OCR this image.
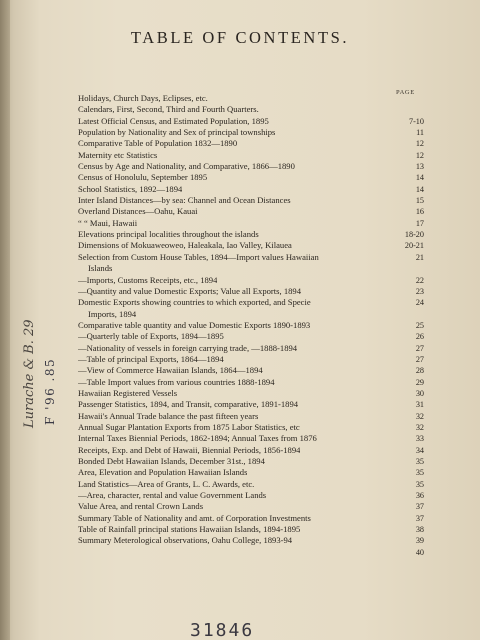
TABLE OF CONTENTS.
PAGE
Holidays, Church Days, Eclipses, etc.
Calendars, First, Second, Third and Fourth Quarters.
Latest Official Census, and Estimated Population, 1895	7-10
Population by Nationality and Sex of principal townships	11
Comparative Table of Population 1832—1890	12
Maternity etc Statistics	12
Census by Age and Nationality, and Comparative, 1866—1890	13
Census of Honolulu, September 1895	14
School Statistics, 1892—1894	14
Inter Island Distances—by sea: Channel and Ocean Distances	15
Overland Distances—Oahu, Kauai	16
“ “ Maui, Hawaii	17
Elevations principal localities throughout the islands	18-20
Dimensions of Mokuaweoweo, Haleakala, Iao Valley, Kilauea	20-21
Selection from Custom House Tables, 1894—Import values Hawaiian	21
Islands
—Imports, Customs Receipts, etc., 1894	22
—Quantity and value Domestic Exports; Value all Exports, 1894	23
Domestic Exports showing countries to which exported, and Specie	24
Imports, 1894
Comparative table quantity and value Domestic Exports 1890-1893	25
—Quarterly table of Exports, 1894—1895	26
—Nationality of vessels in foreign carrying trade, —1888-1894	27
—Table of principal Exports, 1864—1894	27
—View of Commerce Hawaiian Islands, 1864—1894	28
—Table Import values from various countries 1888-1894	29
Hawaiian Registered Vessels	30
Passenger Statistics, 1894, and Transit, comparative, 1891-1894	31
Hawaii's Annual Trade balance the past fifteen years	32
Annual Sugar Plantation Exports from 1875 Labor Statistics, etc	32
Internal Taxes Biennial Periods, 1862-1894; Annual Taxes from 1876	33
Receipts, Exp. and Debt of Hawaii, Biennial Periods, 1856-1894	34
Bonded Debt Hawaiian Islands, December 31st., 1894	35
Area, Elevation and Population Hawaiian Islands	35
Land Statistics—Area of Grants, L. C. Awards, etc.	35
—Area, character, rental and value Government Lands	36
Value Area, and rental Crown Lands	37
Summary Table of Nationality and amt. of Corporation Investments	37
Table of Rainfall principal stations Hawaiian Islands, 1894-1895	38
Summary Meterological observations, Oahu College, 1893-94	39
40
Lurache & B. 29 F '96 .85
31846
